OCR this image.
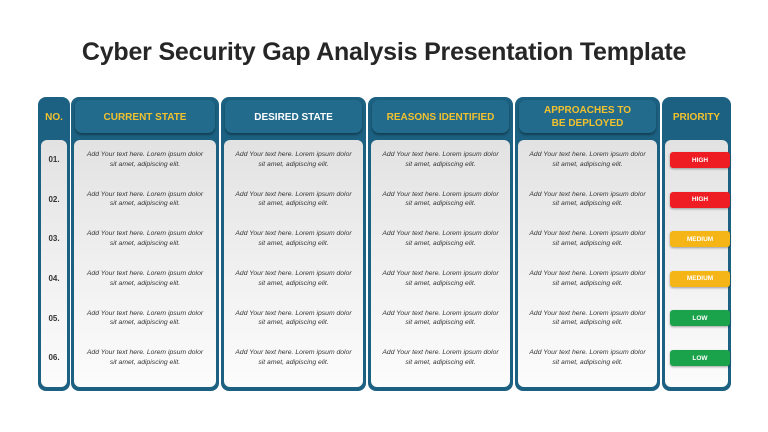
Cyber Security Gap Analysis Presentation Template
NO.
01.
02.
03.
04.
05.
06.
CURRENT STATE
Add Your text here. Lorem ipsum dolor sit amet, adipiscing elit.
Add Your text here. Lorem ipsum dolor sit amet, adipiscing elit.
Add Your text here. Lorem ipsum dolor sit amet, adipiscing elit.
Add Your text here. Lorem ipsum dolor sit amet, adipiscing elit.
Add Your text here. Lorem ipsum dolor sit amet, adipiscing elit.
Add Your text here. Lorem ipsum dolor sit amet, adipiscing elit.
DESIRED STATE
Add Your text here. Lorem ipsum dolor sit amet, adipiscing elit.
Add Your text here. Lorem ipsum dolor sit amet, adipiscing elit.
Add Your text here. Lorem ipsum dolor sit amet, adipiscing elit.
Add Your text here. Lorem ipsum dolor sit amet, adipiscing elit.
Add Your text here. Lorem ipsum dolor sit amet, adipiscing elit.
Add Your text here. Lorem ipsum dolor sit amet, adipiscing elit.
REASONS IDENTIFIED
Add Your text here. Lorem ipsum dolor sit amet, adipiscing elit.
Add Your text here. Lorem ipsum dolor sit amet, adipiscing elit.
Add Your text here. Lorem ipsum dolor sit amet, adipiscing elit.
Add Your text here. Lorem ipsum dolor sit amet, adipiscing elit.
Add Your text here. Lorem ipsum dolor sit amet, adipiscing elit.
Add Your text here. Lorem ipsum dolor sit amet, adipiscing elit.
APPROACHES TO BE DEPLOYED
Add Your text here. Lorem ipsum dolor sit amet, adipiscing elit.
Add Your text here. Lorem ipsum dolor sit amet, adipiscing elit.
Add Your text here. Lorem ipsum dolor sit amet, adipiscing elit.
Add Your text here. Lorem ipsum dolor sit amet, adipiscing elit.
Add Your text here. Lorem ipsum dolor sit amet, adipiscing elit.
Add Your text here. Lorem ipsum dolor sit amet, adipiscing elit.
PRIORITY
HIGH
HIGH
MEDIUM
MEDIUM
LOW
LOW
